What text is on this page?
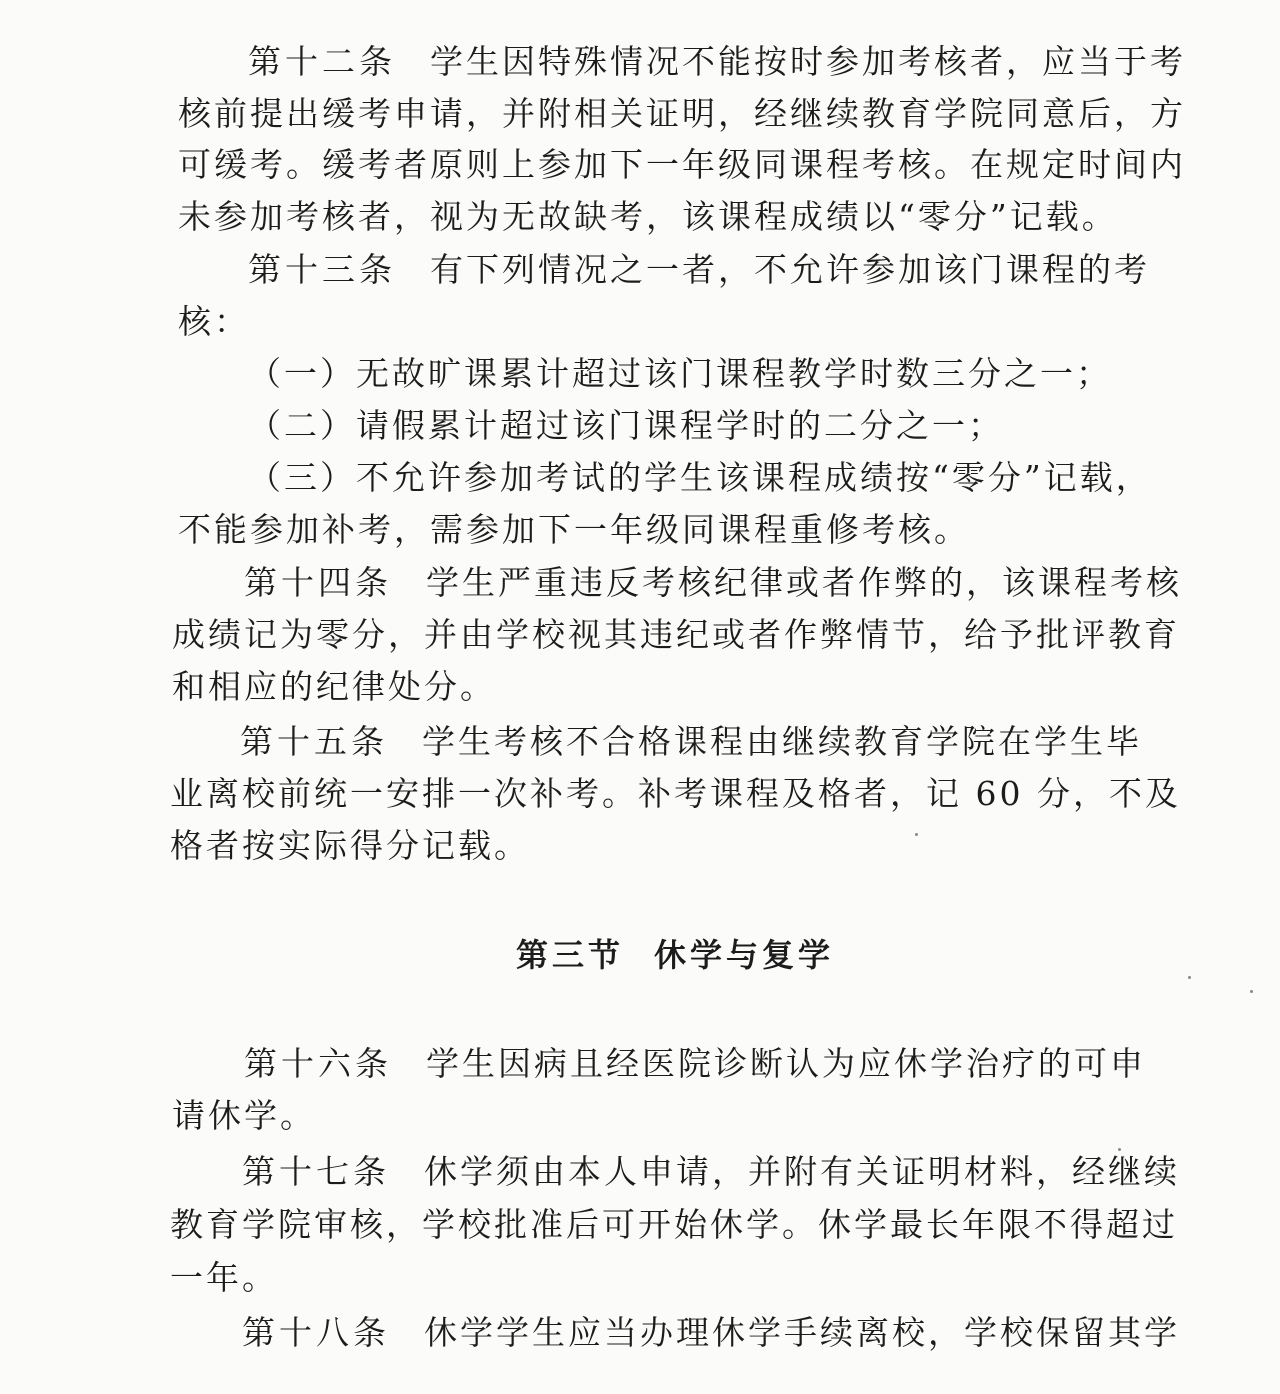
第十二条 学生因特殊情况不能按时参加考核者，应当于考
核前提出缓考申请，并附相关证明，经继续教育学院同意后，方
可缓考。缓考者原则上参加下一年级同课程考核。在规定时间内
未参加考核者，视为无故缺考，该课程成绩以“零分”记载。
第十三条 有下列情况之一者，不允许参加该门课程的考
核：
（一）无故旷课累计超过该门课程教学时数三分之一；
（二）请假累计超过该门课程学时的二分之一；
（三）不允许参加考试的学生该课程成绩按“零分”记载，
不能参加补考，需参加下一年级同课程重修考核。
第十四条 学生严重违反考核纪律或者作弊的，该课程考核
成绩记为零分，并由学校视其违纪或者作弊情节，给予批评教育
和相应的纪律处分。
第十五条 学生考核不合格课程由继续教育学院在学生毕
业离校前统一安排一次补考。补考课程及格者，记 60 分，不及
格者按实际得分记载。
第三节 休学与复学
第十六条 学生因病且经医院诊断认为应休学治疗的可申
请休学。
第十七条 休学须由本人申请，并附有关证明材料，经继续
教育学院审核，学校批准后可开始休学。休学最长年限不得超过
一年。
第十八条 休学学生应当办理休学手续离校，学校保留其学
